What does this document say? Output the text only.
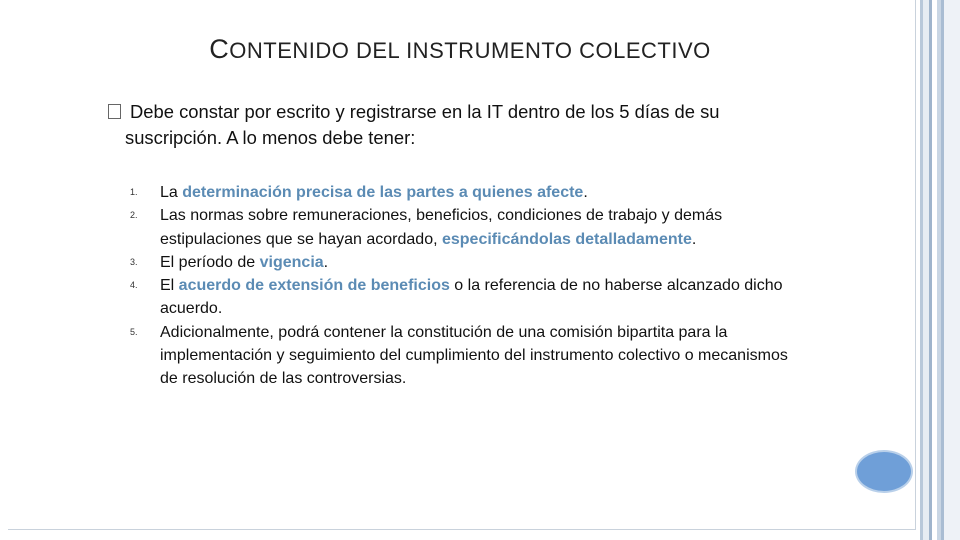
CONTENIDO DEL INSTRUMENTO COLECTIVO
Debe constar por escrito y registrarse en la IT dentro de los 5 días de su
suscripción. A lo menos debe tener:
1. La determinación precisa de las partes a quienes afecte.
2. Las normas sobre remuneraciones, beneficios, condiciones de trabajo y demás estipulaciones que se hayan acordado, especificándolas detalladamente.
3. El período de vigencia.
4. El acuerdo de extensión de beneficios o la referencia de no haberse alcanzado dicho acuerdo.
5. Adicionalmente, podrá contener la constitución de una comisión bipartita para la implementación y seguimiento del cumplimiento del instrumento colectivo o mecanismos de resolución de las controversias.
